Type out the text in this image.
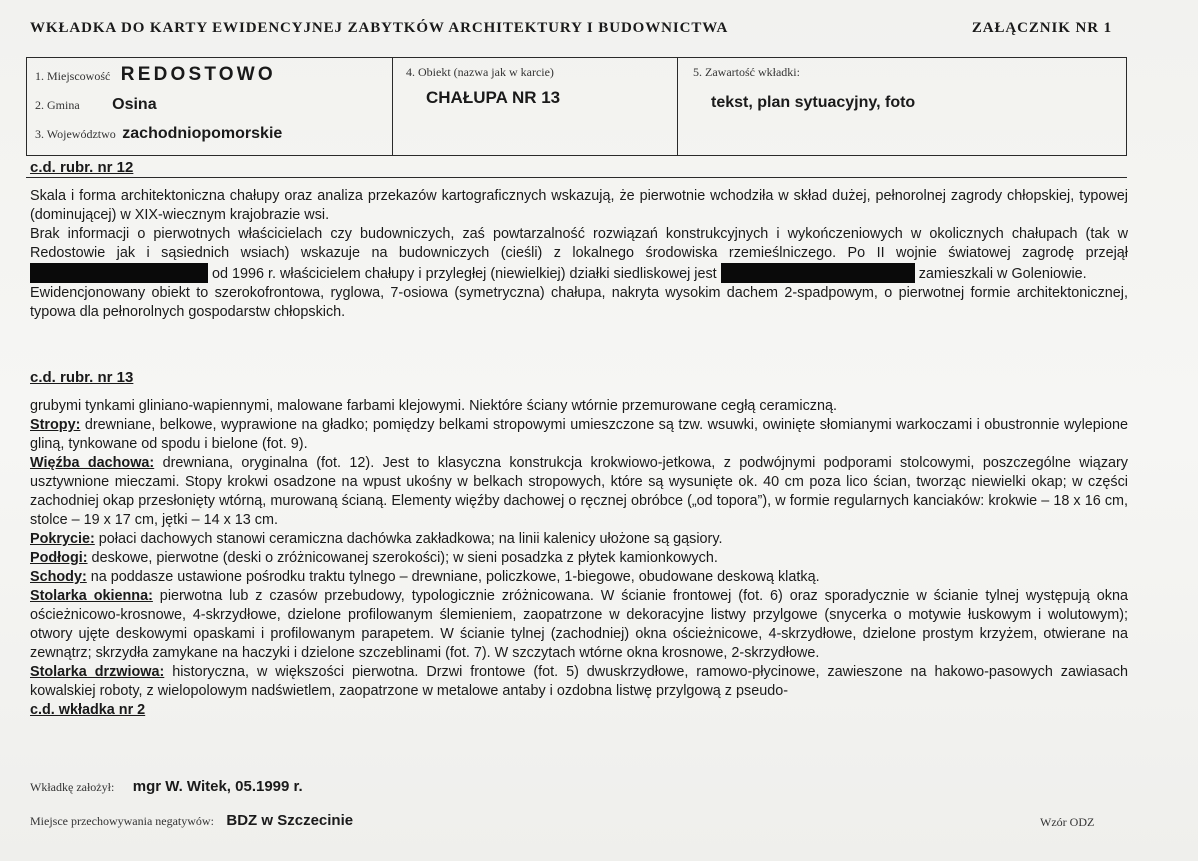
WKŁADKA DO KARTY EWIDENCYJNEJ ZABYTKÓW ARCHITEKTURY I BUDOWNICTWA	ZAŁĄCZNIK NR 1
1. Miejscowość REDOSTOWO
2. Gmina Osina
3. Województwo zachodniopomorskie
4. Obiekt (nazwa jak w karcie)
CHAŁUPA NR 13
5. Zawartość wkładki:
tekst, plan sytuacyjny, foto
c.d. rubr. nr 12

Skala i forma architektoniczna chałupy oraz analiza przekazów kartograficznych wskazują, że pierwotnie wchodziła w skład dużej, pełnorolnej zagrody chłopskiej, typowej (dominującej) w XIX-wiecznym krajobrazie wsi.

Brak informacji o pierwotnych właścicielach czy budowniczych, zaś powtarzalność rozwiązań konstrukcyjnych i wykończeniowych w okolicznych chałupach (tak w Redostowie jak i sąsiednich wsiach) wskazuje na budowniczych (cieśli) z lokalnego środowiska rzemieślniczego. Po II wojnie światowej zagrodę przejął  od 1996 r. właścicielem chałupy i przyległej (niewielkiej) działki siedliskowej jest	zamieszkali w Goleniowie.

Ewidencjonowany obiekt to szerokofrontowa, ryglowa, 7-osiowa (symetryczna) chałupa, nakryta wysokim dachem 2-spadpowym, o pierwotnej formie architektonicznej, typowa dla pełnorolnych gospodarstw chłopskich.

c.d. rubr. nr 13

grubymi tynkami gliniano-wapiennymi, malowane farbami klejowymi. Niektóre ściany wtórnie przemurowane cegłą ceramiczną.

Stropy: drewniane, belkowe, wyprawione na gładko; pomiędzy belkami stropowymi umieszczone są tzw. wsuwki, owinięte słomianymi warkoczami i obustronnie wylepione gliną, tynkowane od spodu i bielone (fot. 9).

Więźba dachowa: drewniana, oryginalna (fot. 12). Jest to klasyczna konstrukcja krokwiowo-jetkowa, z podwójnymi podporami stolcowymi, poszczególne wiązary usztywnione mieczami. Stopy krokwi osadzone na wpust ukośny w belkach stropowych, które są wysunięte ok. 40 cm poza lico ścian, tworząc niewielki okap; w części zachodniej okap przesłonięty wtórną, murowaną ścianą. Elementy więźby dachowej o ręcznej obróbce („od topora”), w formie regularnych kanciaków: krokwie – 18 x 16 cm, stolce – 19 x 17 cm, jętki – 14 x 13 cm.

Pokrycie: połaci dachowych stanowi ceramiczna dachówka zakładkowa; na linii kalenicy ułożone są gąsiory.

Podłogi: deskowe, pierwotne (deski o zróżnicowanej szerokości); w sieni posadzka z płytek kamionkowych.

Schody: na poddasze ustawione pośrodku traktu tylnego – drewniane, policzkowe, 1-biegowe, obudowane deskową klatką.

Stolarka okienna: pierwotna lub z czasów przebudowy, typologicznie zróżnicowana. W ścianie frontowej (fot. 6) oraz sporadycznie w ścianie tylnej występują okna ościeżnicowo-krosnowe, 4-skrzydłowe, dzielone profilowanym ślemieniem, zaopatrzone w dekoracyjne listwy przylgowe (snycerka o motywie łuskowym i wolutowym); otwory ujęte deskowymi opaskami i profilowanym parapetem. W ścianie tylnej (zachodniej) okna ościeżnicowe, 4-skrzydłowe, dzielone prostym krzyżem, otwierane na zewnątrz; skrzydła zamykane na haczyki i dzielone szczeblinami (fot. 7). W szczytach wtórne okna krosnowe, 2-skrzydłowe.

Stolarka drzwiowa: historyczna, w większości pierwotna. Drzwi frontowe (fot. 5) dwuskrzydłowe, ramowo-płycinowe, zawieszone na hakowo-pasowych zawiasach kowalskiej roboty, z wielopolowym nadświetlem, zaopatrzone w metalowe antaby i ozdobna listwę przylgową z pseudo-

c.d. wkładka nr 2

Wkładkę założył: mgr W. Witek, 05.1999 r.
Miejsce przechowywania negatywów: BDZ w Szczecinie	Wzór ODZ
